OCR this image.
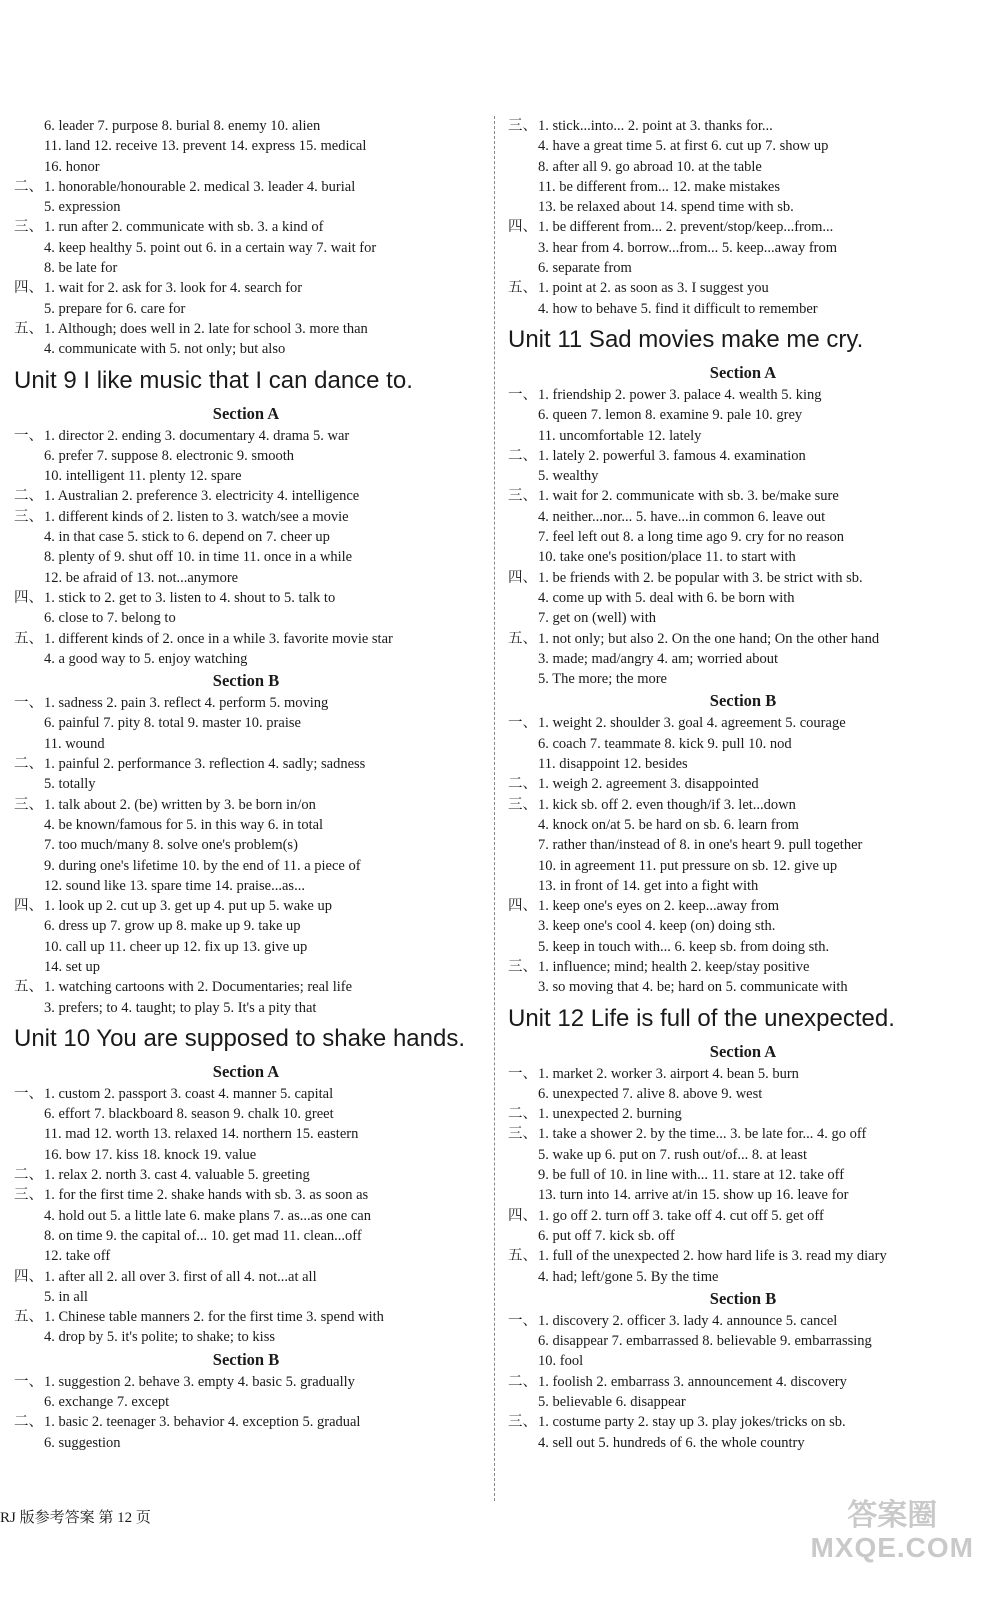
6. leader 7. purpose 8. burial 8. enemy 10. alien
11. land 12. receive 13. prevent 14. express 15. medical
16. honor
二、1. honorable/honourable 2. medical 3. leader 4. burial
5. expression
三、1. run after 2. communicate with sb. 3. a kind of
4. keep healthy 5. point out 6. in a certain way 7. wait for
8. be late for
四、1. wait for 2. ask for 3. look for 4. search for
5. prepare for 6. care for
五、1. Although; does well in 2. late for school 3. more than
4. communicate with 5. not only; but also
Unit 9 I like music that I can dance to.
Section A
一、1. director 2. ending 3. documentary 4. drama 5. war
6. prefer 7. suppose 8. electronic 9. smooth
10. intelligent 11. plenty 12. spare
二、1. Australian 2. preference 3. electricity 4. intelligence
三、1. different kinds of 2. listen to 3. watch/see a movie
4. in that case 5. stick to 6. depend on 7. cheer up
8. plenty of 9. shut off 10. in time 11. once in a while
12. be afraid of 13. not...anymore
四、1. stick to 2. get to 3. listen to 4. shout to 5. talk to
6. close to 7. belong to
五、1. different kinds of 2. once in a while 3. favorite movie star
4. a good way to 5. enjoy watching
Section B
一、1. sadness 2. pain 3. reflect 4. perform 5. moving
6. painful 7. pity 8. total 9. master 10. praise
11. wound
二、1. painful 2. performance 3. reflection 4. sadly; sadness
5. totally
三、1. talk about 2. (be) written by 3. be born in/on
4. be known/famous for 5. in this way 6. in total
7. too much/many 8. solve one's problem(s)
9. during one's lifetime 10. by the end of 11. a piece of
12. sound like 13. spare time 14. praise...as...
四、1. look up 2. cut up 3. get up 4. put up 5. wake up
6. dress up 7. grow up 8. make up 9. take up
10. call up 11. cheer up 12. fix up 13. give up
14. set up
五、1. watching cartoons with 2. Documentaries; real life
3. prefers; to 4. taught; to play 5. It's a pity that
Unit 10 You are supposed to shake hands.
Section A
一、1. custom 2. passport 3. coast 4. manner 5. capital
6. effort 7. blackboard 8. season 9. chalk 10. greet
11. mad 12. worth 13. relaxed 14. northern 15. eastern
16. bow 17. kiss 18. knock 19. value
二、1. relax 2. north 3. cast 4. valuable 5. greeting
三、1. for the first time 2. shake hands with sb. 3. as soon as
4. hold out 5. a little late 6. make plans 7. as...as one can
8. on time 9. the capital of... 10. get mad 11. clean...off
12. take off
四、1. after all 2. all over 3. first of all 4. not...at all
5. in all
五、1. Chinese table manners 2. for the first time 3. spend with
4. drop by 5. it's polite; to shake; to kiss
Section B
一、1. suggestion 2. behave 3. empty 4. basic 5. gradually
6. exchange 7. except
二、1. basic 2. teenager 3. behavior 4. exception 5. gradual
6. suggestion
三、1. stick...into... 2. point at 3. thanks for...
4. have a great time 5. at first 6. cut up 7. show up
8. after all 9. go abroad 10. at the table
11. be different from... 12. make mistakes
13. be relaxed about 14. spend time with sb.
四、1. be different from... 2. prevent/stop/keep...from...
3. hear from 4. borrow...from... 5. keep...away from
6. separate from
五、1. point at 2. as soon as 3. I suggest you
4. how to behave 5. find it difficult to remember
Unit 11 Sad movies make me cry.
Section A
一、1. friendship 2. power 3. palace 4. wealth 5. king
6. queen 7. lemon 8. examine 9. pale 10. grey
11. uncomfortable 12. lately
二、1. lately 2. powerful 3. famous 4. examination
5. wealthy
三、1. wait for 2. communicate with sb. 3. be/make sure
4. neither...nor... 5. have...in common 6. leave out
7. feel left out 8. a long time ago 9. cry for no reason
10. take one's position/place 11. to start with
四、1. be friends with 2. be popular with 3. be strict with sb.
4. come up with 5. deal with 6. be born with
7. get on (well) with
五、1. not only; but also 2. On the one hand; On the other hand
3. made; mad/angry 4. am; worried about
5. The more; the more
Section B
一、1. weight 2. shoulder 3. goal 4. agreement 5. courage
6. coach 7. teammate 8. kick 9. pull 10. nod
11. disappoint 12. besides
二、1. weigh 2. agreement 3. disappointed
三、1. kick sb. off 2. even though/if 3. let...down
4. knock on/at 5. be hard on sb. 6. learn from
7. rather than/instead of 8. in one's heart 9. pull together
10. in agreement 11. put pressure on sb. 12. give up
13. in front of 14. get into a fight with
四、1. keep one's eyes on 2. keep...away from
3. keep one's cool 4. keep (on) doing sth.
5. keep in touch with... 6. keep sb. from doing sth.
三、1. influence; mind; health 2. keep/stay positive
3. so moving that 4. be; hard on 5. communicate with
Unit 12 Life is full of the unexpected.
Section A
一、1. market 2. worker 3. airport 4. bean 5. burn
6. unexpected 7. alive 8. above 9. west
二、1. unexpected 2. burning
三、1. take a shower 2. by the time... 3. be late for... 4. go off
5. wake up 6. put on 7. rush out/of... 8. at least
9. be full of 10. in line with... 11. stare at 12. take off
13. turn into 14. arrive at/in 15. show up 16. leave for
四、1. go off 2. turn off 3. take off 4. cut off 5. get off
6. put off 7. kick sb. off
五、1. full of the unexpected 2. how hard life is 3. read my diary
4. had; left/gone 5. By the time
Section B
一、1. discovery 2. officer 3. lady 4. announce 5. cancel
6. disappear 7. embarrassed 8. believable 9. embarrassing
10. fool
二、1. foolish 2. embarrass 3. announcement 4. discovery
5. believable 6. disappear
三、1. costume party 2. stay up 3. play jokes/tricks on sb.
4. sell out 5. hundreds of 6. the whole country
RJ 版参考答案 第 12 页	答案圈
MXQE.COM
